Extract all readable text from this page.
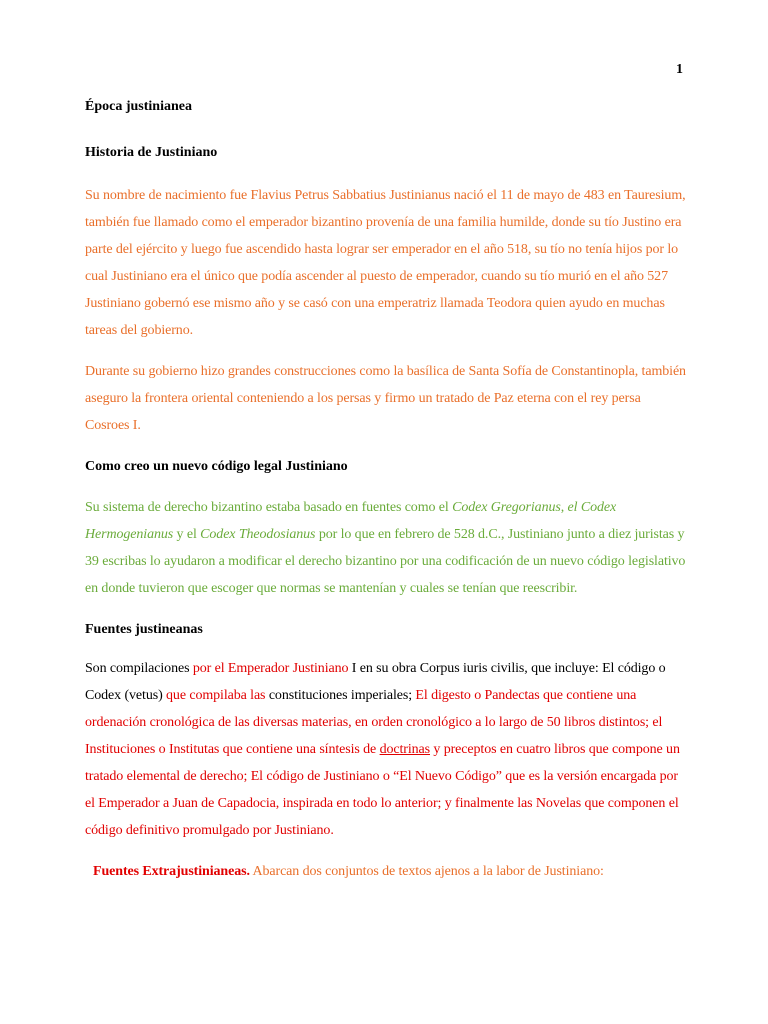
1
Época justinianea
Historia de Justiniano

Su nombre de nacimiento fue Flavius Petrus Sabbatius Justinianus nació el 11 de mayo de 483 en Tauresium, también fue llamado como el emperador bizantino provenía de una familia humilde, donde su tío Justino era parte del ejército y luego fue ascendido hasta lograr ser emperador en el año 518, su tío no tenía hijos por lo cual Justiniano era el único que podía ascender al puesto de emperador, cuando su tío murió en el año 527 Justiniano gobernó ese mismo año y se casó con una emperatriz llamada Teodora quien ayudo en muchas tareas del gobierno.

Durante su gobierno hizo grandes construcciones como la basílica de Santa Sofía de Constantinopla, también aseguro la frontera oriental conteniendo a los persas y firmo un tratado de Paz eterna con el rey persa Cosroes I.

Como creo un nuevo código legal Justiniano

Su sistema de derecho bizantino estaba basado en fuentes como el Codex Gregorianus, el Codex Hermogenianus y el Codex Theodosianus por lo que en febrero de 528 d.C., Justiniano junto a diez juristas y 39 escribas lo ayudaron a modificar el derecho bizantino por una codificación de un nuevo código legislativo en donde tuvieron que escoger que normas se mantenían y cuales se tenían que reescribir.

Fuentes justineanas

Son compilaciones por el Emperador Justiniano I en su obra Corpus iuris civilis, que incluye: El código o Codex (vetus) que compilaba las constituciones imperiales; El digesto o Pandectas que contiene una ordenación cronológica de las diversas materias, en orden cronológico a lo largo de 50 libros distintos; el Instituciones o Institutas que contiene una síntesis de doctrinas y preceptos en cuatro libros que compone un tratado elemental de derecho; El código de Justiniano o “El Nuevo Código” que es la versión encargada por el Emperador a Juan de Capadocia, inspirada en todo lo anterior; y finalmente las Novelas que componen el código definitivo promulgado por Justiniano.

Fuentes Extrajustinianeas. Abarcan dos conjuntos de textos ajenos a la labor de Justiniano:
